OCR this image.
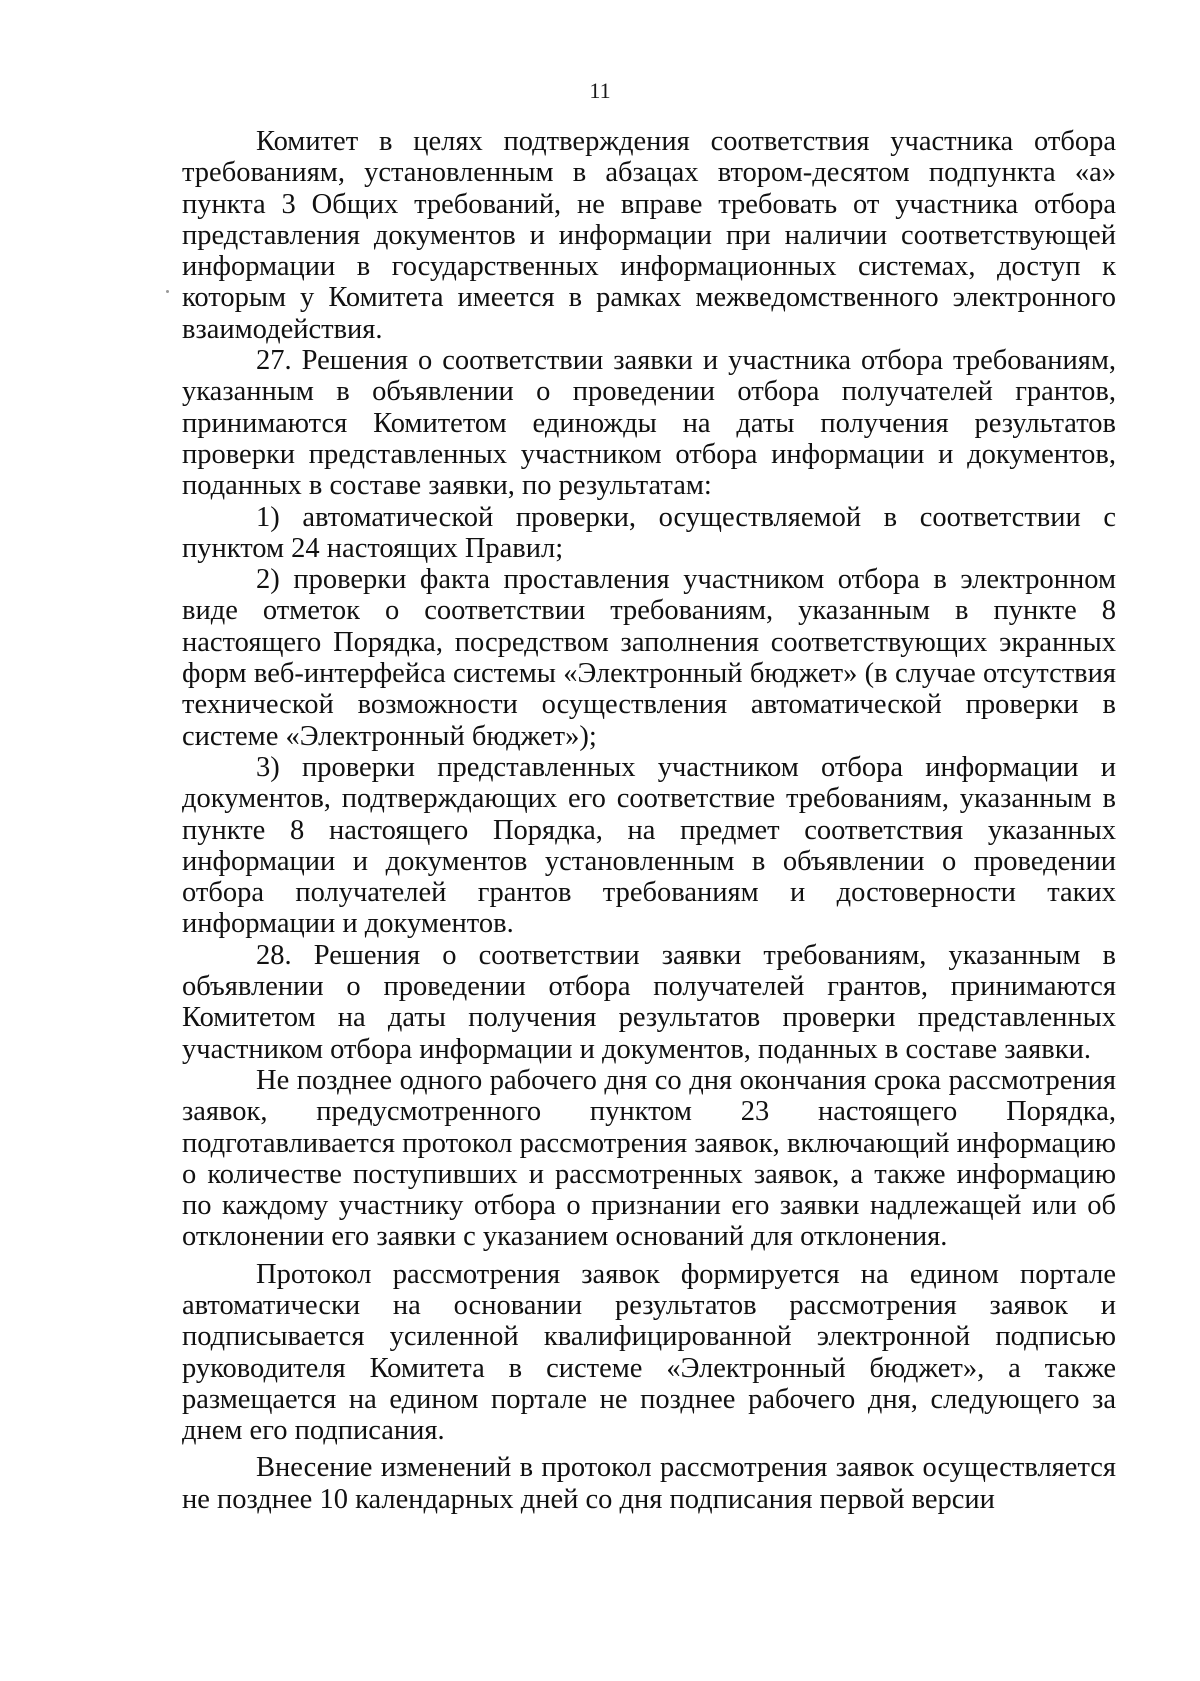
11

Комитет в целях подтверждения соответствия участника отбора требованиям, установленным в абзацах втором-десятом подпункта «а» пункта 3 Общих требований, не вправе требовать от участника отбора представления документов и информации при наличии соответствующей информации в государственных информационных системах, доступ к которым у Комитета имеется в рамках межведомственного электронного взаимодействия.

27. Решения о соответствии заявки и участника отбора требованиям, указанным в объявлении о проведении отбора получателей грантов, принимаются Комитетом единожды на даты получения результатов проверки представленных участником отбора информации и документов, поданных в составе заявки, по результатам:

1) автоматической проверки, осуществляемой в соответствии с пунктом 24 настоящих Правил;

2) проверки факта проставления участником отбора в электронном виде отметок о соответствии требованиям, указанным в пункте 8 настоящего Порядка, посредством заполнения соответствующих экранных форм веб-интерфейса системы «Электронный бюджет» (в случае отсутствия технической возможности осуществления автоматической проверки в системе «Электронный бюджет»);

3) проверки представленных участником отбора информации и документов, подтверждающих его соответствие требованиям, указанным в пункте 8 настоящего Порядка, на предмет соответствия указанных информации и документов установленным в объявлении о проведении отбора получателей грантов требованиям и достоверности таких информации и документов.

28. Решения о соответствии заявки требованиям, указанным в объявлении о проведении отбора получателей грантов, принимаются Комитетом на даты получения результатов проверки представленных участником отбора информации и документов, поданных в составе заявки.

Не позднее одного рабочего дня со дня окончания срока рассмотрения заявок, предусмотренного пунктом 23 настоящего Порядка, подготавливается протокол рассмотрения заявок, включающий информацию о количестве поступивших и рассмотренных заявок, а также информацию по каждому участнику отбора о признании его заявки надлежащей или об отклонении его заявки с указанием оснований для отклонения.

Протокол рассмотрения заявок формируется на едином портале автоматически на основании результатов рассмотрения заявок и подписывается усиленной квалифицированной электронной подписью руководителя Комитета в системе «Электронный бюджет», а также размещается на едином портале не позднее рабочего дня, следующего за днем его подписания.

Внесение изменений в протокол рассмотрения заявок осуществляется не позднее 10 календарных дней со дня подписания первой версии
